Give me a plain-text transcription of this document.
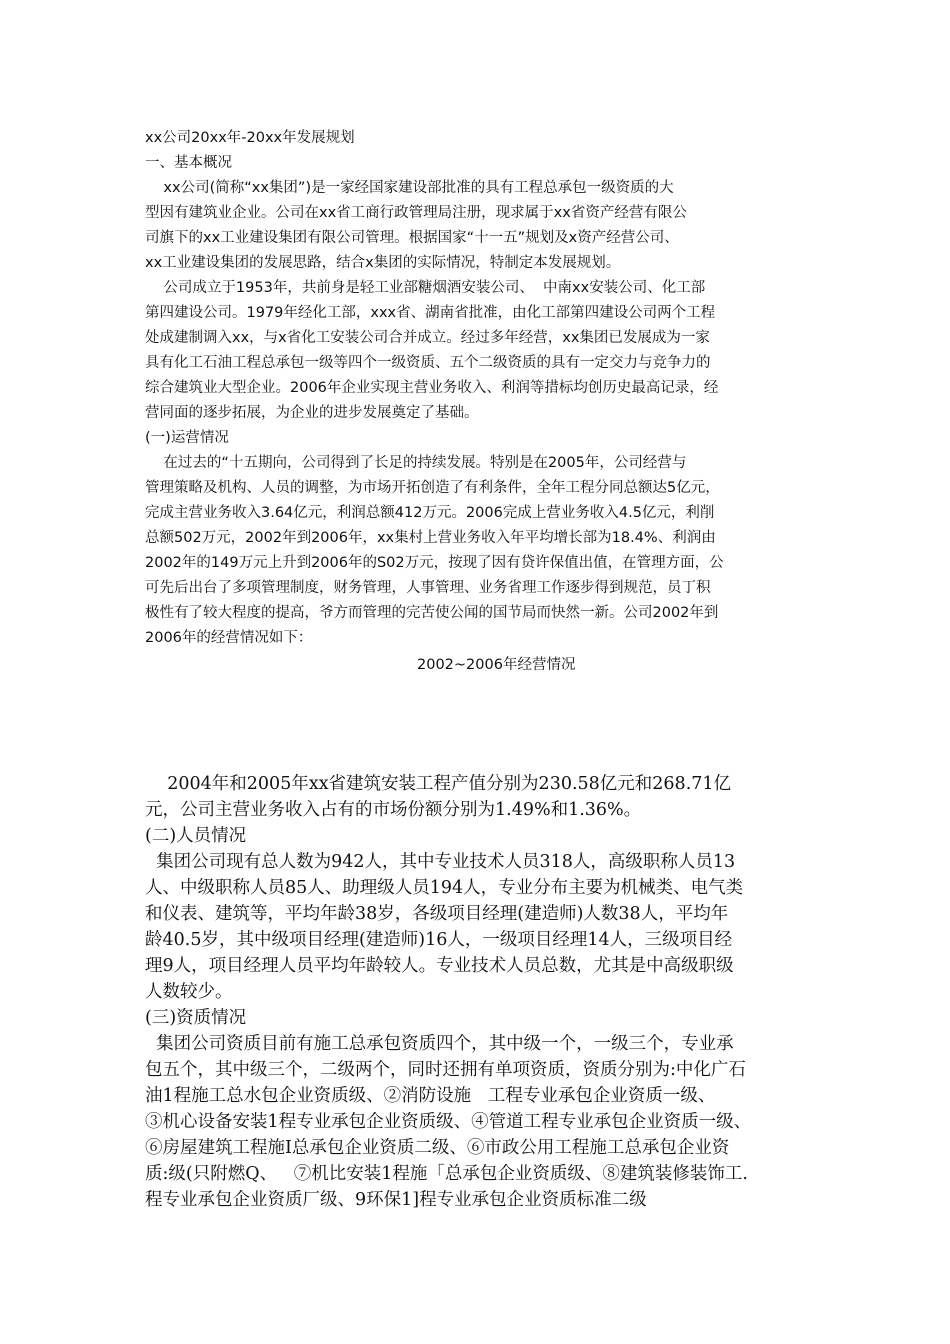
xx公司20xx年-20xx年发展规划
一、基本概况
xx公司(简称“xx集团”)是一家经国家建设部批准的具有工程总承包一级资质的大
型因有建筑业企业。公司在xx省工商行政管理局注册，现求属于xx省资产经营有限公
司旗下的xx工业建设集团有限公司管理。根据国家“十一五”规划及x资产经营公司、
xx工业建设集团的发展思路，结合x集团的实际情况，特制定本发展规划。
公司成立于1953年，共前身是轻工业部糖烟酒安装公司、  中南xx安装公司、化工部
第四建设公司。1979年经化工部，xxx省、湖南省批准，由化工部第四建设公司两个工程
处成建制调入xx，与x省化工安装公司合并成立。经过多年经营，xx集团已发展成为一家
具有化工石油工程总承包一级等四个一级资质、五个二级资质的具有一定交力与竞争力的
综合建筑业大型企业。2006年企业实现主营业务收入、利润等措标均创历史最高记录，经
营同面的逐步拓展，为企业的进步发展奠定了基础。
(一)运营情况
在过去的“十五期向，公司得到了长足的持续发展。特别是在2005年，公司经营与
管理策略及机构、人员的调整，为市场开拓创造了有利条件，全年工程分同总额达5亿元，
完成主营业务收入3.64亿元，利润总额412万元。2006完成上营业务收入4.5亿元，利削
总额502万元，2002年到2006年，xx集村上营业务收入年平均增长部为18.4%、利润由
2002年的149万元上升到2006年的S02万元，按现了因有贷许保值出值，在管理方面，公
可先后出台了多项管理制度，财务管理，人事管理、业务省理工作逐步得到规范，员丁积
极性有了较大程度的提高，爷方而管理的完苦使公闻的国节局而快然一新。公司2002年到
2006年的经营情况如下：
2002~2006年经营情况
2004年和2005年xx省建筑安装工程产值分别为230.58亿元和268.71亿
元，公司主营业务收入占有的市场份额分别为1.49%和1.36%。
(二)人员情况
集团公司现有总人数为942人，其中专业技术人员318人，高级职称人员13
人、中级职称人员85人、助理级人员194人，专业分布主要为机械类、电气类
和仪表、建筑等，平均年龄38岁，各级项目经理(建造师)人数38人，平均年
龄40.5岁，其中级项目经理(建造师)16人，一级项目经理14人，三级项目经
理9人，项目经理人员平均年龄较人。专业技术人员总数，尤其是中高级职级
人数较少。
(三)资质情况
集团公司资质目前有施工总承包资质四个，其中级一个，一级三个，专业承
包五个，其中级三个，二级两个，同时还拥有单项资质，资质分别为:中化广石
油1程施工总水包企业资质级、②消防设施   工程专业承包企业资质一级、
③机心设备安装1程专业承包企业资质级、④管道工程专业承包企业资质一级、
⑥房屋建筑工程施I总承包企业资质二级、⑥市政公用工程施工总承包企业资
质:级(只附燃Q、   ⑦机比安装1程施「总承包企业资质级、⑧建筑装修装饰工.
程专业承包企业资质厂级、9环保1]程专业承包企业资质标准二级
